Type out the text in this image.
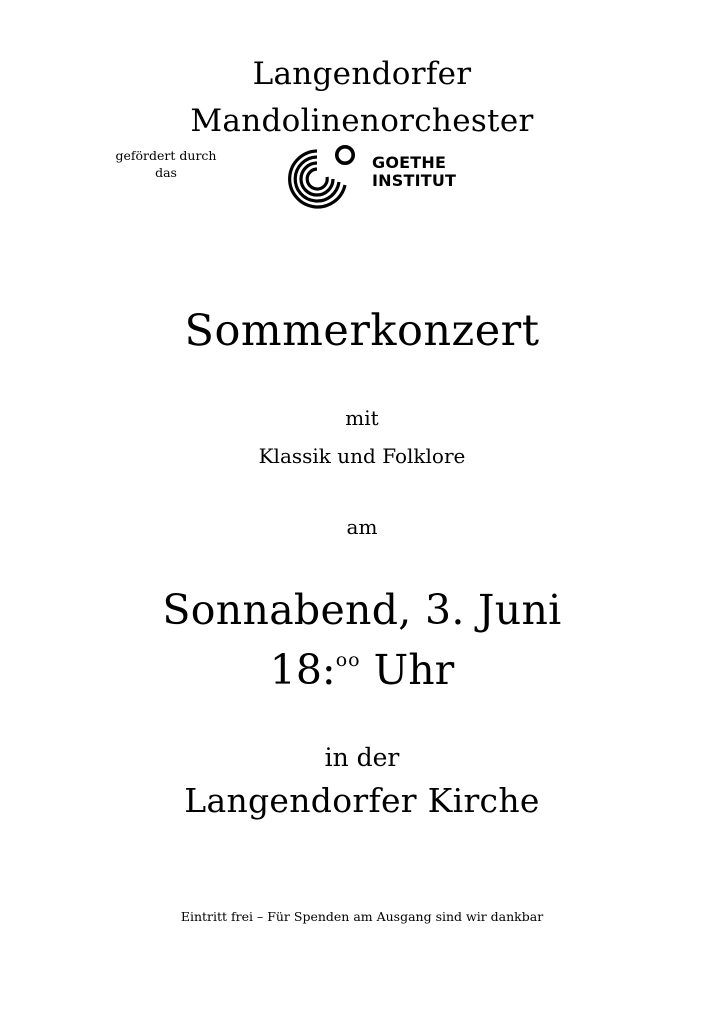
Langendorfer
Mandolinenorchester
gefördert durch
das
GOETHE
INSTITUT
Sommerkonzert
mit
Klassik und Folklore
am
Sonnabend, 3. Juni
18:$^{oo}$ Uhr
in der
Langendorfer Kirche
Eintritt frei – Für Spenden am Ausgang sind wir dankbar
